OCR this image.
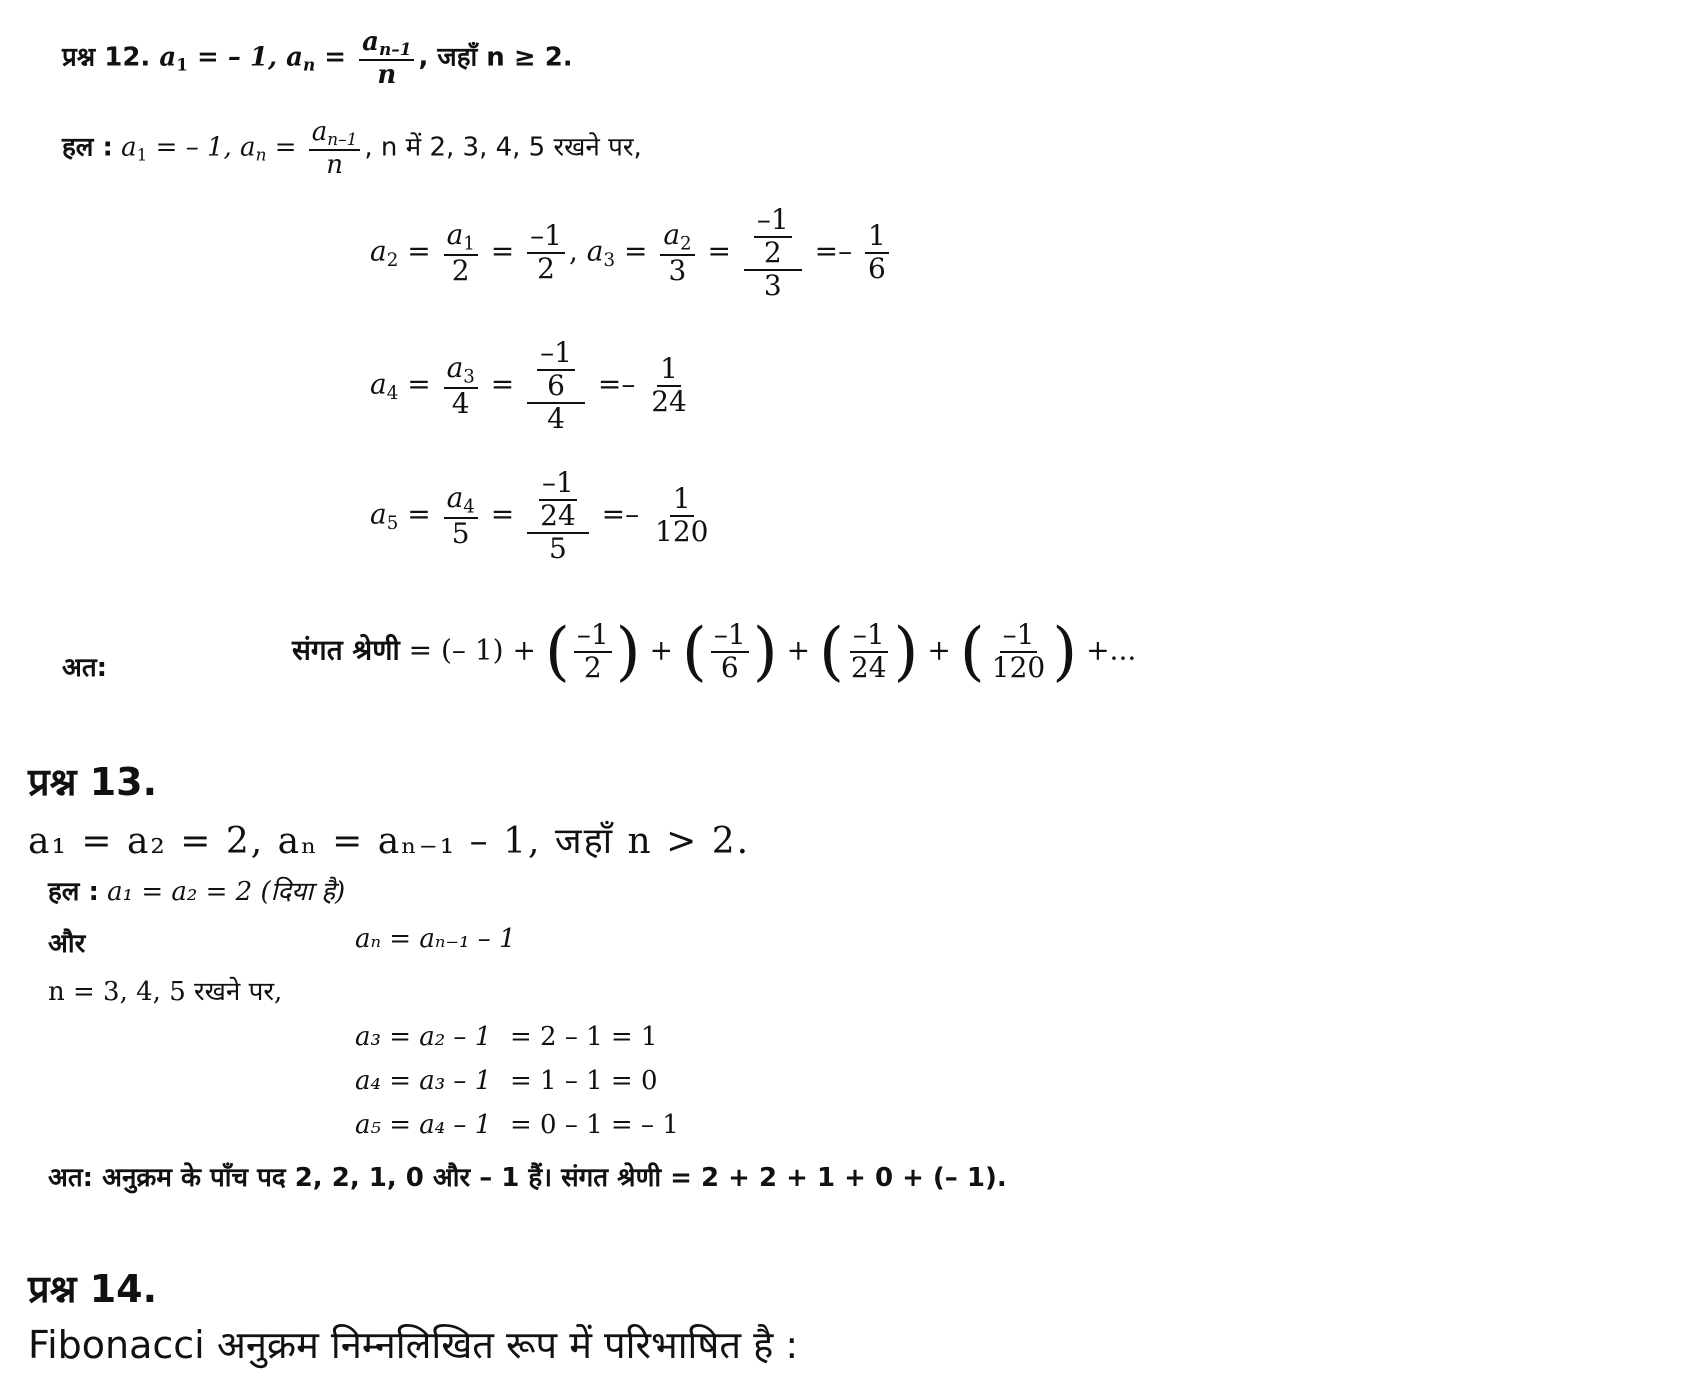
प्रश्न 12. $a_1$ = – 1, $a_n = \frac{a_{n-1}}{n}$ , जहाँ n ≥ 2.
हल : $a_1$ = – 1, $a_n = \frac{a_{n-1}}{n}$ , n में 2, 3, 4, 5 रखने पर,
$a_2 = \frac{a_1}{2} = \frac{-1}{2}$ , $a_3 = \frac{a_2}{3} = \frac{\frac{-1}{2}}{3} =- \frac{1}{6}$
$a_4 = \frac{a_3}{4} = \frac{\frac{-1}{6}}{4} =- \frac{1}{24}$
$a_5 = \frac{a_4}{5} = \frac{\frac{-1}{24}}{5} =- \frac{1}{120}$
अत:
संगत श्रेणी = (– 1) + ( $\frac{-1}{2}$ ) + ( $\frac{-1}{6}$ ) + ( $\frac{-1}{24}$ ) + ( $\frac{-1}{120}$ ) +...
प्रश्न 13.
a₁ = a₂ = 2, aₙ = aₙ₋₁ – 1, जहाँ n > 2.
हल : a₁ = a₂ = 2 (दिया है)
और	aₙ = aₙ₋₁ – 1
n = 3, 4, 5 रखने पर,
a₃ = a₂ – 1 = 2 – 1 = 1
a₄ = a₃ – 1 = 1 – 1 = 0
a₅ = a₄ – 1 = 0 – 1 = – 1
अत: अनुक्रम के पाँच पद 2, 2, 1, 0 और – 1 हैं। संगत श्रेणी = 2 + 2 + 1 + 0 + (– 1).
प्रश्न 14.
Fibonacci अनुक्रम निम्नलिखित रूप में परिभाषित है :
